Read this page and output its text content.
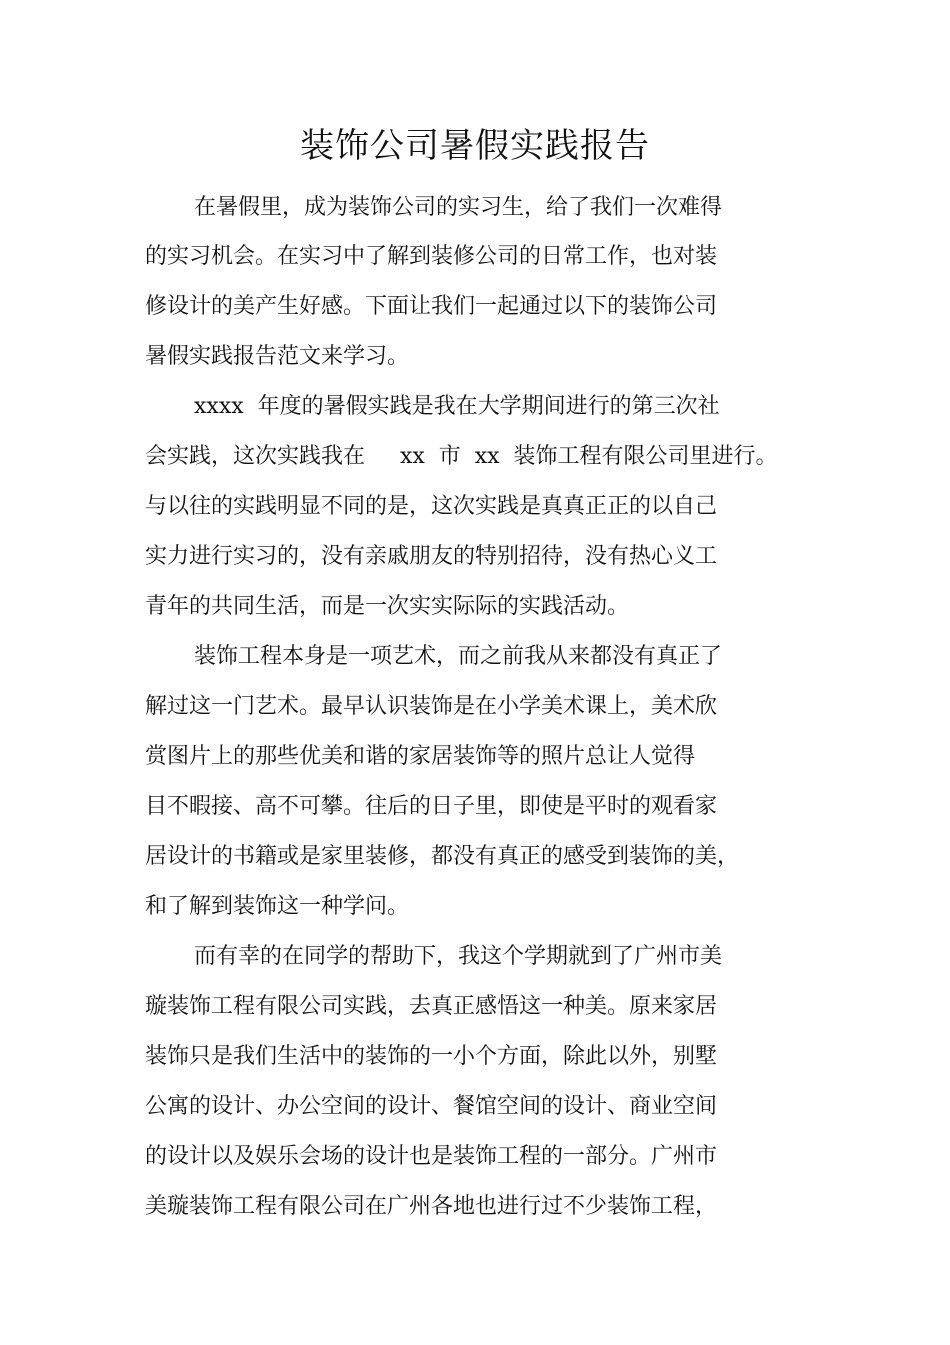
装饰公司暑假实践报告

在暑假里，成为装饰公司的实习生，给了我们一次难得

的实习机会。在实习中了解到装修公司的日常工作，也对装

修设计的美产生好感。下面让我们一起通过以下的装饰公司

暑假实践报告范文来学习。

xxxx  年度的暑假实践是我在大学期间进行的第三次社

会实践，这次实践我在     xx  市  xx  装饰工程有限公司里进行。

与以往的实践明显不同的是，这次实践是真真正正的以自己

实力进行实习的，没有亲戚朋友的特别招待，没有热心义工

青年的共同生活，而是一次实实际际的实践活动。

装饰工程本身是一项艺术，而之前我从来都没有真正了

解过这一门艺术。最早认识装饰是在小学美术课上，美术欣

赏图片上的那些优美和谐的家居装饰等的照片总让人觉得

目不暇接、高不可攀。往后的日子里，即使是平时的观看家

居设计的书籍或是家里装修，都没有真正的感受到装饰的美，

和了解到装饰这一种学问。

而有幸的在同学的帮助下，我这个学期就到了广州市美

璇装饰工程有限公司实践，去真正感悟这一种美。原来家居

装饰只是我们生活中的装饰的一小个方面，除此以外，别墅

公寓的设计、办公空间的设计、餐馆空间的设计、商业空间

的设计以及娱乐会场的设计也是装饰工程的一部分。广州市

美璇装饰工程有限公司在广州各地也进行过不少装饰工程，
